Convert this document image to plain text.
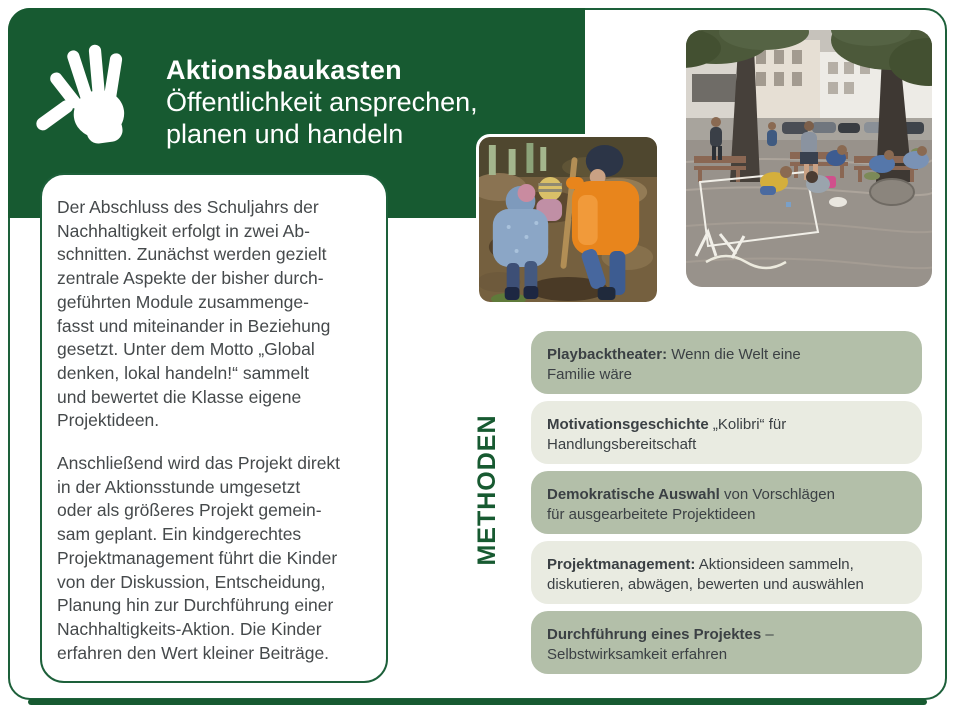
Aktionsbaukasten
Öffentlichkeit ansprechen,
planen und handeln
Der Abschluss des Schuljahrs der
Nachhaltigkeit erfolgt in zwei Ab-
schnitten. Zunächst werden gezielt
zentrale Aspekte der bisher durch-
geführten Module zusammenge-
fasst und miteinander in Beziehung
gesetzt. Unter dem Motto „Global
denken, lokal handeln!“ sammelt
und bewertet die Klasse eigene
Projektideen.
Anschließend wird das Projekt direkt
in der Aktionsstunde umgesetzt
oder als größeres Projekt gemein-
sam geplant. Ein kindgerechtes
Projektmanagement führt die Kinder
von der Diskussion, Entscheidung,
Planung hin zur Durchführung einer
Nachhaltigkeits-Aktion. Die Kinder
erfahren den Wert kleiner Beiträge.
METHODEN
Playbacktheater: Wenn die Welt eine
Familie wäre
Motivationsgeschichte „Kolibri“ für
Handlungsbereitschaft
Demokratische Auswahl von Vorschlägen
für ausgearbeitete Projektideen
Projektmanagement: Aktionsideen sammeln,
diskutieren, abwägen, bewerten und auswählen
Durchführung eines Projektes –
Selbstwirksamkeit erfahren
